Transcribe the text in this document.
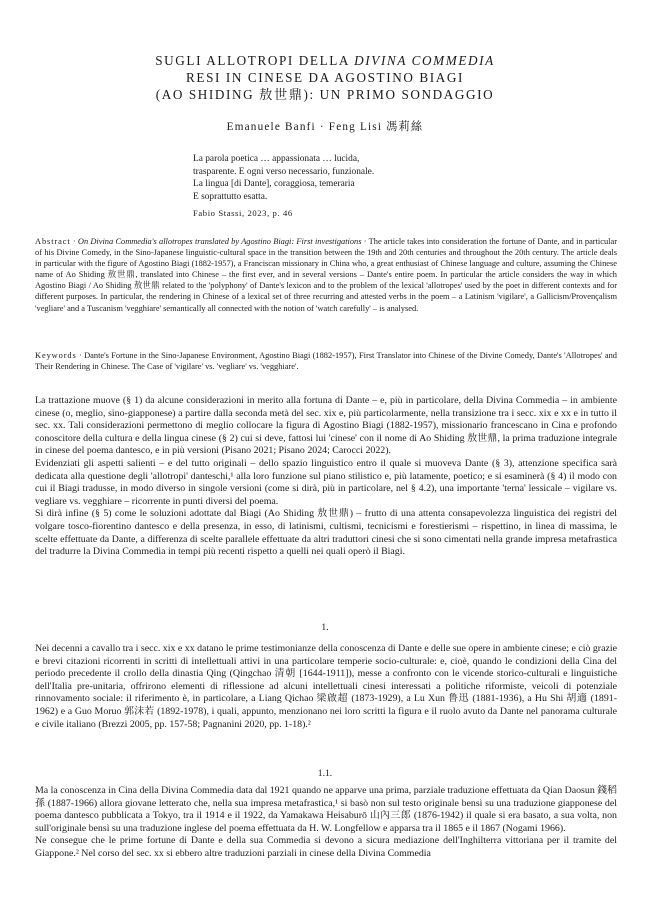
SUGLI ALLOTROPI DELLA DIVINA COMMEDIA

RESI IN CINESE DA AGOSTINO BIAGI

(AO SHIDING 敖世鼎): UN PRIMO SONDAGGIO

Emanuele Banfi · Feng Lisi 馮莉絲
La parola poetica … appassionata … lucida,
trasparente. E ogni verso necessario, funzionale.
La lingua [di Dante], coraggiosa, temeraria
E soprattutto esatta.
Fabio Stassi, 2023, p. 46
Abstract · On Divina Commedia's allotropes translated by Agostino Biagi: First investigations · The article takes into consideration the fortune of Dante, and in particular of his Divine Comedy, in the Sino-Japanese linguistic-cultural space in the transition between the 19th and 20th centuries and throughout the 20th century. The article deals in particular with the figure of Agostino Biagi (1882-1957), a Franciscan missionary in China who, a great enthusiast of Chinese language and culture, assuming the Chinese name of Ao Shiding 敖世鼎, translated into Chinese – the first ever, and in several versions – Dante's entire poem. In particular the article considers the way in which Agostino Biagi / Ao Shiding 敖世鼎 related to the 'polyphony' of Dante's lexicon and to the problem of the lexical 'allotropes' used by the poet in different contexts and for different purposes. In particular, the rendering in Chinese of a lexical set of three recurring and attested verbs in the poem – a Latinism 'vigilare', a Gallicism/Provençalism 'vegliare' and a Tuscanism 'vegghiare' semantically all connected with the notion of 'watch carefully' – is analysed.
Keywords · Dante's Fortune in the Sino-Japanese Environment, Agostino Biagi (1882-1957), First Translator into Chinese of the Divine Comedy, Dante's 'Allotropes' and Their Rendering in Chinese. The Case of 'vigilare' vs. 'vegliare' vs. 'vegghiare'.

La trattazione muove (§ 1) da alcune considerazioni in merito alla fortuna di Dante – e, più in particolare, della Divina Commedia – in ambiente cinese (o, meglio, sino-giapponese) a partire dalla seconda metà del sec. xix e, più particolarmente, nella transizione tra i secc. xix e xx e in tutto il sec. xx. Tali considerazioni permettono di meglio collocare la figura di Agostino Biagi (1882-1957), missionario francescano in Cina e profondo conoscitore della cultura e della lingua cinese (§ 2) cui si deve, fattosi lui 'cinese' con il nome di Ao Shiding 敖世鼎, la prima traduzione integrale in cinese del poema dantesco, e in più versioni (Pisano 2021; Pisano 2024; Carocci 2022).

Evidenziati gli aspetti salienti – e del tutto originali – dello spazio linguistico entro il quale si muoveva Dante (§ 3), attenzione specifica sarà dedicata alla questione degli 'allotropi' danteschi,¹ alla loro funzione sul piano stilistico e, più latamente, poetico; e si esaminerà (§ 4) il modo con cui il Biagi tradusse, in modo diverso in singole versioni (come si dirà, più in particolare, nel § 4.2), una importante 'terna' lessicale – vigilare vs. vegliare vs. vegghiare – ricorrente in punti diversi del poema.

Si dirà infine (§ 5) come le soluzioni adottate dal Biagi (Ao Shiding 敖世鼎) – frutto di una attenta consapevolezza linguistica dei registri del volgare tosco-fiorentino dantesco e della presenza, in esso, di latinismi, cultismi, tecnicismi e forestierismi – rispettino, in linea di massima, le scelte effettuate da Dante, a differenza di scelte parallele effettuate da altri traduttori cinesi che si sono cimentati nella grande impresa metafrastica del tradurre la Divina Commedia in tempi più recenti rispetto a quelli nei quali operò il Biagi.

1.

Nei decenni a cavallo tra i secc. xix e xx datano le prime testimonianze della conoscenza di Dante e delle sue opere in ambiente cinese; e ciò grazie e brevi citazioni ricorrenti in scritti di intellettuali attivi in una particolare temperie socio-culturale: e, cioè, quando le condizioni della Cina del periodo precedente il crollo della dinastia Qing (Qingchao 清朝 [1644-1911]), messe a confronto con le vicende storico-culturali e linguistiche dell'Italia pre-unitaria, offrirono elementi di riflessione ad alcuni intellettuali cinesi interessati a politiche riformiste, veicoli di potenziale rinnovamento sociale: il riferimento è, in particolare, a Liang Qichao 梁啟超 (1873-1929), a Lu Xun 鲁迅 (1881-1936), a Hu Shi 胡適 (1891-1962) e a Guo Moruo 郭沫若 (1892-1978), i quali, appunto, menzionano nei loro scritti la figura e il ruolo avuto da Dante nel panorama culturale e civile italiano (Brezzi 2005, pp. 157-58; Pagnanini 2020, pp. 1-18).²

1.1.

Ma la conoscenza in Cina della Divina Commedia data dal 1921 quando ne apparve una prima, parziale traduzione effettuata da Qian Daosun 錢稻孫 (1887-1966) allora giovane letterato che, nella sua impresa metafrastica,¹ si basò non sul testo originale bensì su una traduzione giapponese del poema dantesco pubblicata a Tokyo, tra il 1914 e il 1922, da Yamakawa Heisaburō 山內三郎 (1876-1942) il quale si era basato, a sua volta, non sull'originale bensì su una traduzione inglese del poema effettuata da H. W. Longfellow e apparsa tra il 1865 e il 1867 (Nogami 1966).

Ne consegue che le prime fortune di Dante e della sua Commedia si devono a sicura mediazione dell'Inghilterra vittoriana per il tramite del Giappone.² Nel corso del sec. xx si ebbero altre traduzioni parziali in cinese della Divina Commedia
